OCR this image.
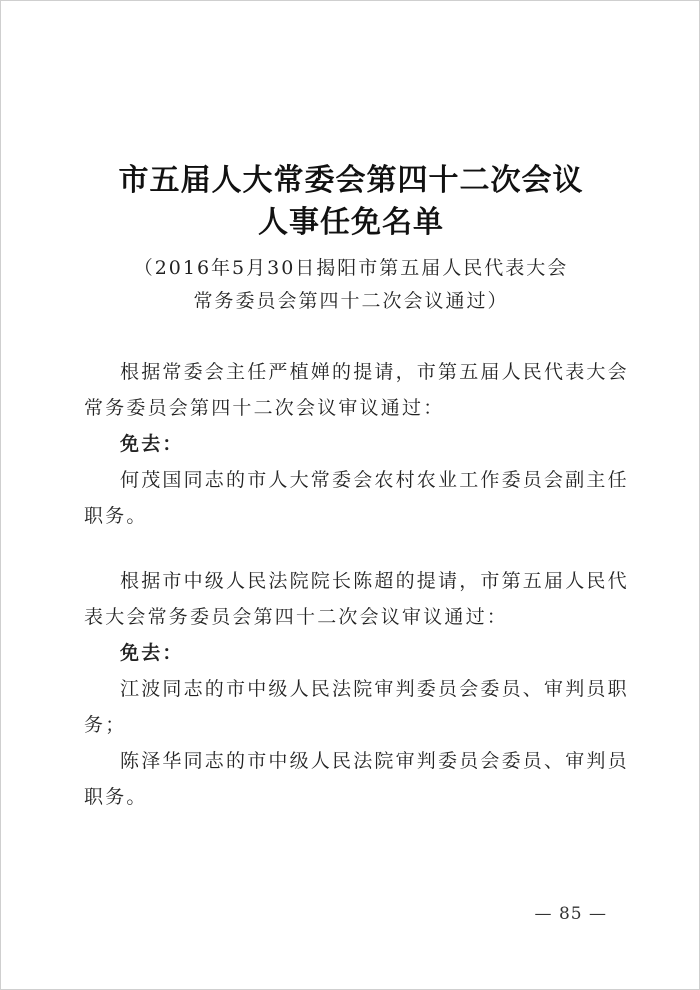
市五届人大常委会第四十二次会议
人事任免名单
（2016年5月30日揭阳市第五届人民代表大会
常务委员会第四十二次会议通过）
根据常委会主任严植婵的提请，市第五届人民代表大会
常务委员会第四十二次会议审议通过：
免去：
何茂国同志的市人大常委会农村农业工作委员会副主任
职务。
根据市中级人民法院院长陈超的提请，市第五届人民代
表大会常务委员会第四十二次会议审议通过：
免去：
江波同志的市中级人民法院审判委员会委员、审判员职
务；
陈泽华同志的市中级人民法院审判委员会委员、审判员
职务。
— 85 —
